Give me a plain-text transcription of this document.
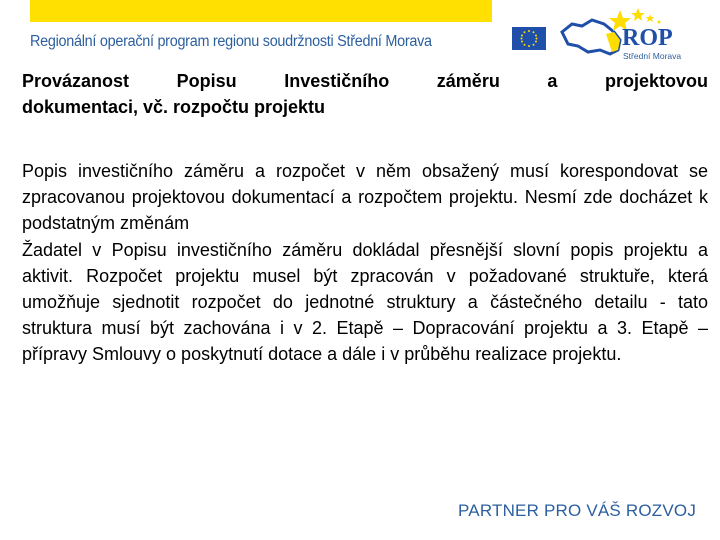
Regionální operační program regionu soudržnosti Střední Morava	ROP
Střední Morava
Provázanost Popisu Investičního záměru a projektovou
dokumentaci, vč. rozpočtu projektu

Popis investičního záměru a rozpočet v něm obsažený musí korespondovat se zpracovanou projektovou dokumentací a rozpočtem projektu. Nesmí zde docházet k podstatným změnám

Žadatel v Popisu investičního záměru dokládal přesnější slovní popis projektu a aktivit. Rozpočet projektu musel být zpracován v požadované struktuře, která umožňuje sjednotit rozpočet do jednotné struktury a částečného detailu - tato struktura musí být zachována i v 2. Etapě – Dopracování projektu a 3. Etapě – přípravy Smlouvy o poskytnutí dotace a dále i v průběhu realizace projektu.

PARTNER PRO VÁŠ ROZVOJ
